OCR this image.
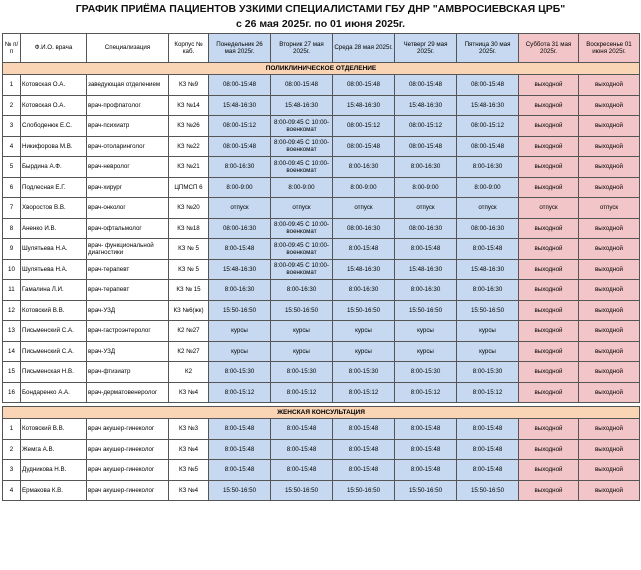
ГРАФИК ПРИЁМА ПАЦИЕНТОВ УЗКИМИ СПЕЦИАЛИСТАМИ ГБУ ДНР "АМВРОСИЕВСКАЯ ЦРБ"
с 26 мая 2025г. по 01 июня 2025г.
№ п/п	Ф.И.О. врача	Специализация	Корпус № каб.	Понедельник 26 мая 2025г.	Вторник 27 мая 2025г.	Среда 28 мая 2025г.	Четверг 29 мая 2025г.	Пятница 30 мая 2025г.	Суббота 31 мая 2025г.	Воскресенье 01 июня 2025г.
ПОЛИКЛИНИЧЕСКОЕ ОТДЕЛЕНИЕ										
1	Котовская О.А.	заведующая отделением	КЗ №9	08:00-15:48	08:00-15:48	08:00-15:48	08:00-15:48	08:00-15:48	выходной	выходной
2	Котовская О.А.	врач-профпатолог	КЗ №14	15:48-16:30	15:48-16:30	15:48-16:30	15:48-16:30	15:48-16:30	выходной	выходной
3	Слободенюк Е.С.	врач-психиатр	КЗ №26	08:00-15:12	8:00-09:45 С 10:00-военкомат	08:00-15:12	08:00-15:12	08:00-15:12	выходной	выходной
4	Никифорова М.В.	врач-отоларинголог	КЗ №22	08:00-15:48	8:00-09:45 С 10:00-военкомат	08:00-15:48	08:00-15:48	08:00-15:48	выходной	выходной
5	Бырдина А.Ф.	врач-невролог	КЗ №21	8:00-16:30	8:00-09:45 С 10:00-военкомат	8:00-16:30	8:00-16:30	8:00-16:30	выходной	выходной
6	Подлесная Е.Г.	врач-хирург	ЦПМСП 6	8:00-9:00	8:00-9:00	8:00-9:00	8:00-9:00	8:00-9:00	выходной	выходной
7	Хворостов В.В.	врач-онколог	КЗ №20	отпуск	отпуск	отпуск	отпуск	отпуск	отпуск	отпуск
8	Аненко И.В.	врач-офтальмолог	КЗ №18	08:00-16:30	8:00-09:45 С 10:00-военкомат	08:00-16:30	08:00-16:30	08:00-16:30	выходной	выходной
9	Шулятьева Н.А.	врач- функциональной диагностики	КЗ № 5	8:00-15:48	8:00-09:45 С 10:00-военкомат	8:00-15:48	8:00-15:48	8:00-15:48	выходной	выходной
10	Шулятьева Н.А.	врач-терапевт	КЗ № 5	15:48-16:30	8:00-09:45 С 10:00-военкомат	15:48-16:30	15:48-16:30	15:48-16:30	выходной	выходной
11	Гамалина Л.И.	врач-терапевт	КЗ № 15	8:00-16:30	8:00-16:30	8:00-16:30	8:00-16:30	8:00-16:30	выходной	выходной
12	Котовский В.В.	врач-УЗД	КЗ №6(жк)	15:50-16:50	15:50-16:50	15:50-16:50	15:50-16:50	15:50-16:50	выходной	выходной
13	Письменский С.А.	врач-гастроэнтеролог	К2 №27	курсы	курсы	курсы	курсы	курсы	выходной	выходной
14	Письменский С.А.	врач-УЗД	К2 №27	курсы	курсы	курсы	курсы	курсы	выходной	выходной
15	Письменская Н.В.	врач-фтизиатр	К2	8:00-15:30	8:00-15:30	8:00-15:30	8:00-15:30	8:00-15:30	выходной	выходной
16	Бондаренко А.А.	врач-дерматовенеролог	КЗ №4	8:00-15:12	8:00-15:12	8:00-15:12	8:00-15:12	8:00-15:12	выходной	выходной

ЖЕНСКАЯ КОНСУЛЬТАЦИЯ										
1	Котовский В.В.	врач акушер-гинеколог	КЗ №3	8:00-15:48	8:00-15:48	8:00-15:48	8:00-15:48	8:00-15:48	выходной	выходной
2	Жемга А.В.	врач акушер-гинеколог	КЗ №4	8:00-15:48	8:00-15:48	8:00-15:48	8:00-15:48	8:00-15:48	выходной	выходной
3	Дудникова Н.В.	врач акушер-гинеколог	КЗ №5	8:00-15:48	8:00-15:48	8:00-15:48	8:00-15:48	8:00-15:48	выходной	выходной
4	Ермакова К.В.	врач акушер-гинеколог	КЗ №4	15:50-16:50	15:50-16:50	15:50-16:50	15:50-16:50	15:50-16:50	выходной	выходной
